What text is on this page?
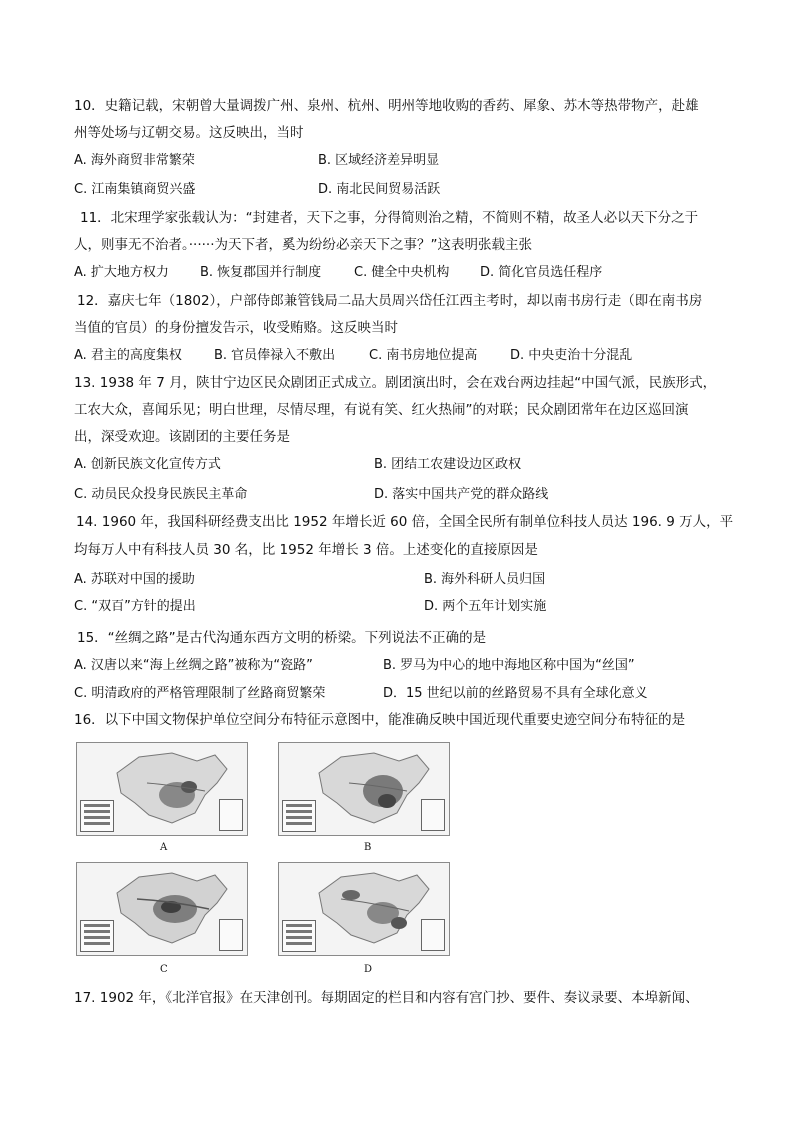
10．史籍记载，宋朝曾大量调拨广州、泉州、杭州、明州等地收购的香药、犀象、苏木等热带物产，赴雄
州等处场与辽朝交易。这反映出，当时
A. 海外商贸非常繁荣	B. 区域经济差异明显
C. 江南集镇商贸兴盛	D. 南北民间贸易活跃
11．北宋理学家张载认为：“封建者，天下之事，分得简则治之精，不简则不精，故圣人必以天下分之于
人，则事无不治者。······为天下者，奚为纷纷必亲天下之事？”这表明张载主张
A. 扩大地方权力 B. 恢复郡国并行制度	C. 健全中央机构 D. 简化官员选任程序
12．嘉庆七年（1802），户部侍郎兼管钱局二品大员周兴岱任江西主考时，却以南书房行走（即在南书房
当值的官员）的身份擅发告示，收受贿赂。这反映当时
A. 君主的高度集权 B. 官员俸禄入不敷出	C. 南书房地位提高	D. 中央吏治十分混乱
13. 1938 年 7 月，陕甘宁边区民众剧团正式成立。剧团演出时，会在戏台两边挂起“中国气派，民族形式，
工农大众，喜闻乐见；明白世理，尽情尽理，有说有笑、红火热闹”的对联；民众剧团常年在边区巡回演
出，深受欢迎。该剧团的主要任务是
A. 创新民族文化宣传方式	B. 团结工农建设边区政权
C. 动员民众投身民族民主革命	D. 落实中国共产党的群众路线
14. 1960 年，我国科研经费支出比 1952 年增长近 60 倍，全国全民所有制单位科技人员达 196. 9 万人，平
均每万人中有科技人员 30 名，比 1952 年增长 3 倍。上述变化的直接原因是
A. 苏联对中国的援助	B. 海外科研人员归国
C. “双百”方针的提出	D. 两个五年计划实施
15．“丝绸之路”是古代沟通东西方文明的桥梁。下列说法不正确的是
A. 汉唐以来“海上丝绸之路”被称为“瓷路”	B. 罗马为中心的地中海地区称中国为“丝国”
C. 明清政府的严格管理限制了丝路商贸繁荣	D．15 世纪以前的丝路贸易不具有全球化意义
16．以下中国文物保护单位空间分布特征示意图中，能准确反映中国近现代重要史迹空间分布特征的是
A	B
C	D
17. 1902 年，《北洋官报》在天津创刊。每期固定的栏目和内容有宫门抄、要件、奏议录要、本埠新闻、
